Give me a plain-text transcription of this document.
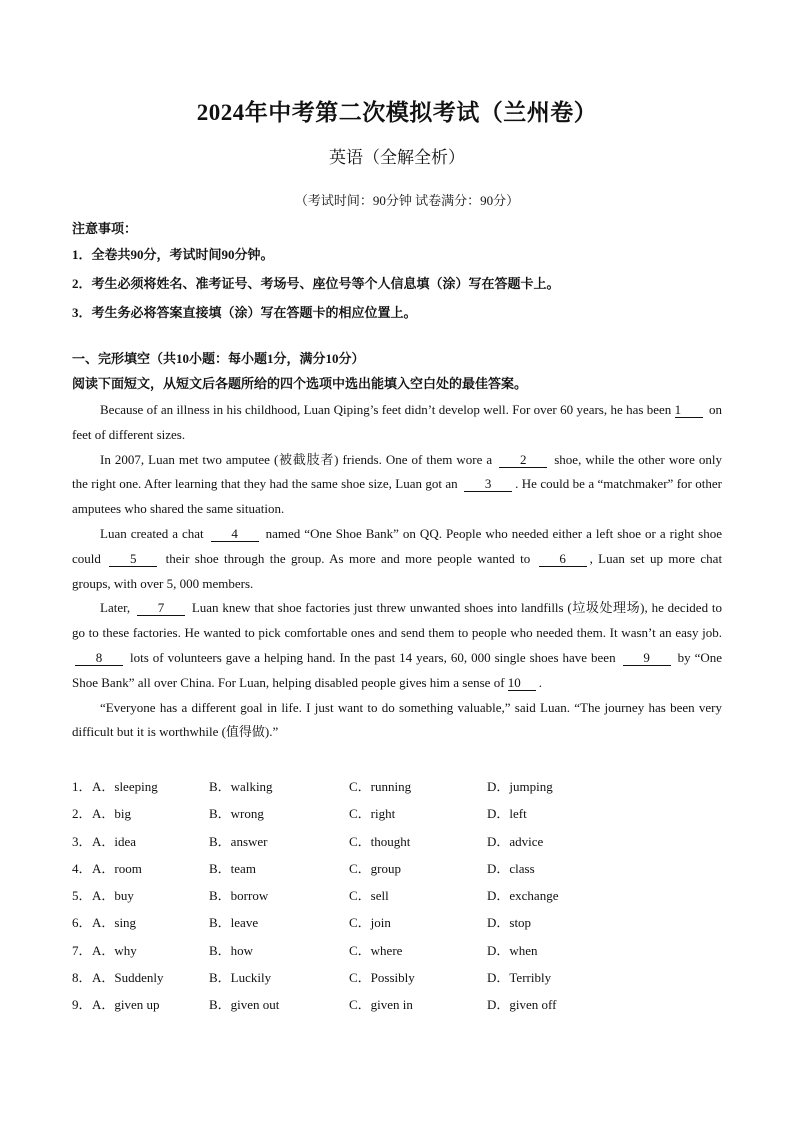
2024年中考第二次模拟考试（兰州卷）
英语（全解全析）
（考试时间：90分钟 试卷满分：90分）
注意事项：
1．全卷共90分，考试时间90分钟。
2．考生必须将姓名、准考证号、考场号、座位号等个人信息填（涂）写在答题卡上。
3．考生务必将答案直接填（涂）写在答题卡的相应位置上。
一、完形填空（共10小题：每小题1分，满分10分）
阅读下面短文，从短文后各题所给的四个选项中选出能填入空白处的最佳答案。

Because of an illness in his childhood, Luan Qiping’s feet didn’t develop well. For over 60 years, he has been 1 on feet of different sizes.

In 2007, Luan met two amputee (被截肢者) friends. One of them wore a 2 shoe, while the other wore only the right one. After learning that they had the same shoe size, Luan got an 3 . He could be a “matchmaker” for other amputees who shared the same situation.

Luan created a chat 4 named “One Shoe Bank” on QQ. People who needed either a left shoe or a right shoe could 5 their shoe through the group. As more and more people wanted to 6 , Luan set up more chat groups, with over 5, 000 members.

Later, 7 Luan knew that shoe factories just threw unwanted shoes into landfills (垃圾处理场), he decided to go to these factories. He wanted to pick comfortable ones and send them to people who needed them. It wasn’t an easy job. 8 lots of volunteers gave a helping hand. In the past 14 years, 60, 000 single shoes have been 9 by “One Shoe Bank” all over China. For Luan, helping disabled people gives him a sense of 10 .

“Everyone has a different goal in life. I just want to do something valuable,” said Luan. “The journey has been very difficult but it is worthwhile (值得做).”

1． A．sleeping	B．walking	C．running	D．jumping
2． A．big	B．wrong	C．right	D．left
3． A．idea	B．answer	C．thought	D．advice
4． A．room	B．team	C．group	D．class
5． A．buy	B．borrow	C．sell	D．exchange
6． A．sing	B．leave	C．join	D．stop
7． A．why	B．how	C．where	D．when
8． A．Suddenly	B．Luckily	C．Possibly	D．Terribly
9． A．given up	B．given out	C．given in	D．given off
